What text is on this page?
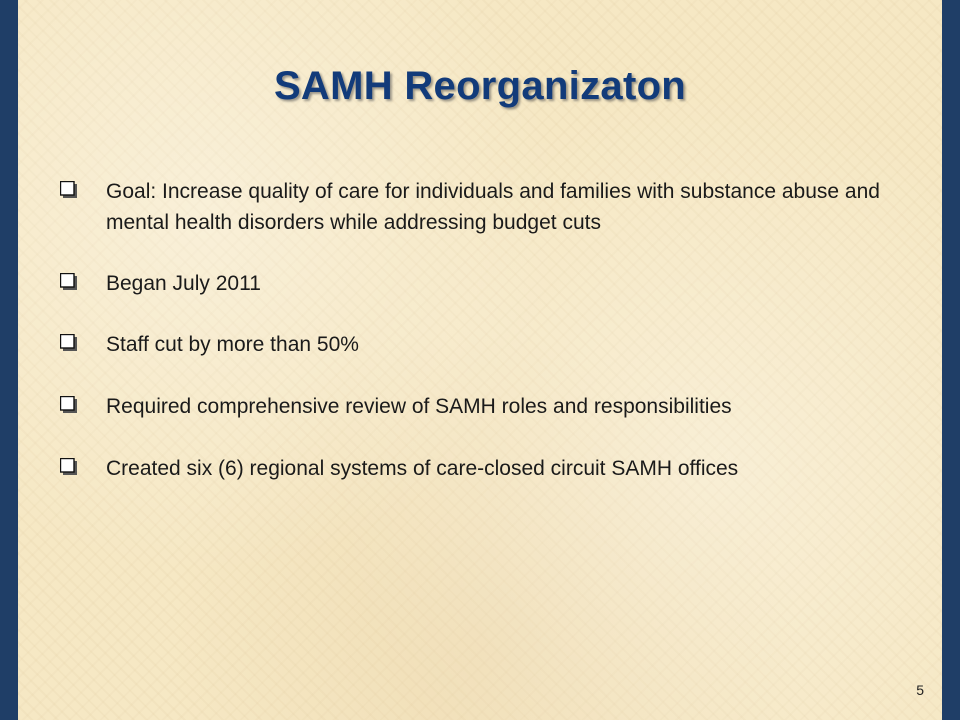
SAMH Reorganizaton
Goal: Increase quality of care for individuals and families with substance abuse and mental health disorders while addressing budget cuts
Began July 2011
Staff cut by more than 50%
Required comprehensive review of SAMH roles and responsibilities
Created six (6) regional systems of care-closed circuit SAMH offices
5
